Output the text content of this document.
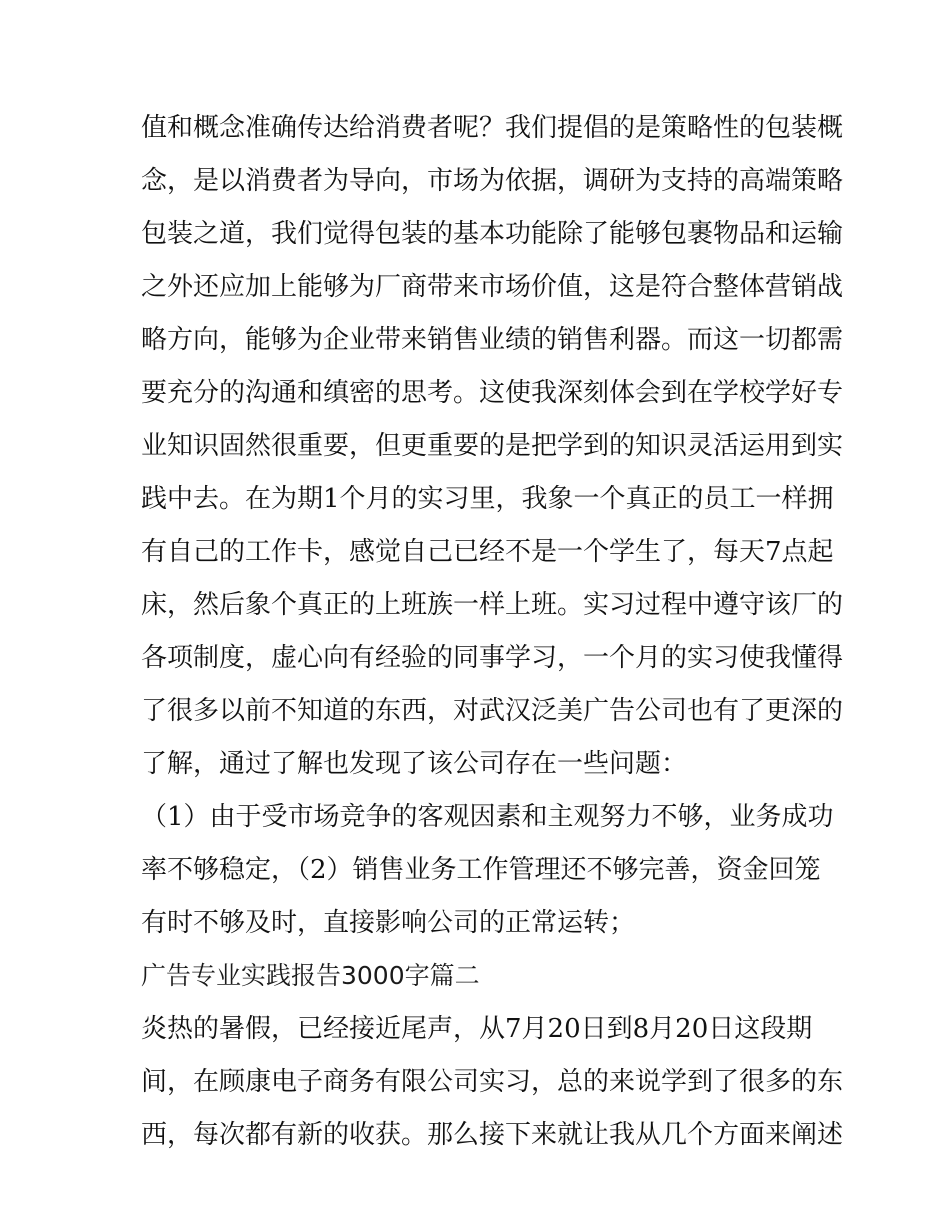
值和概念准确传达给消费者呢？我们提倡的是策略性的包装概
念，是以消费者为导向，市场为依据，调研为支持的高端策略
包装之道，我们觉得包装的基本功能除了能够包裹物品和运输
之外还应加上能够为厂商带来市场价值，这是符合整体营销战
略方向，能够为企业带来销售业绩的销售利器。而这一切都需
要充分的沟通和缜密的思考。这使我深刻体会到在学校学好专
业知识固然很重要，但更重要的是把学到的知识灵活运用到实
践中去。在为期1个月的实习里，我象一个真正的员工一样拥
有自己的工作卡，感觉自己已经不是一个学生了，每天7点起
床，然后象个真正的上班族一样上班。实习过程中遵守该厂的
各项制度，虚心向有经验的同事学习，一个月的实习使我懂得
了很多以前不知道的东西，对武汉泛美广告公司也有了更深的
了解，通过了解也发现了该公司存在一些问题：
（1）由于受市场竞争的客观因素和主观努力不够，业务成功
率不够稳定，（2）销售业务工作管理还不够完善，资金回笼
有时不够及时，直接影响公司的正常运转；
广告专业实践报告3000字篇二
炎热的暑假，已经接近尾声，从7月20日到8月20日这段期
间，在顾康电子商务有限公司实习，总的来说学到了很多的东
西，每次都有新的收获。那么接下来就让我从几个方面来阐述
